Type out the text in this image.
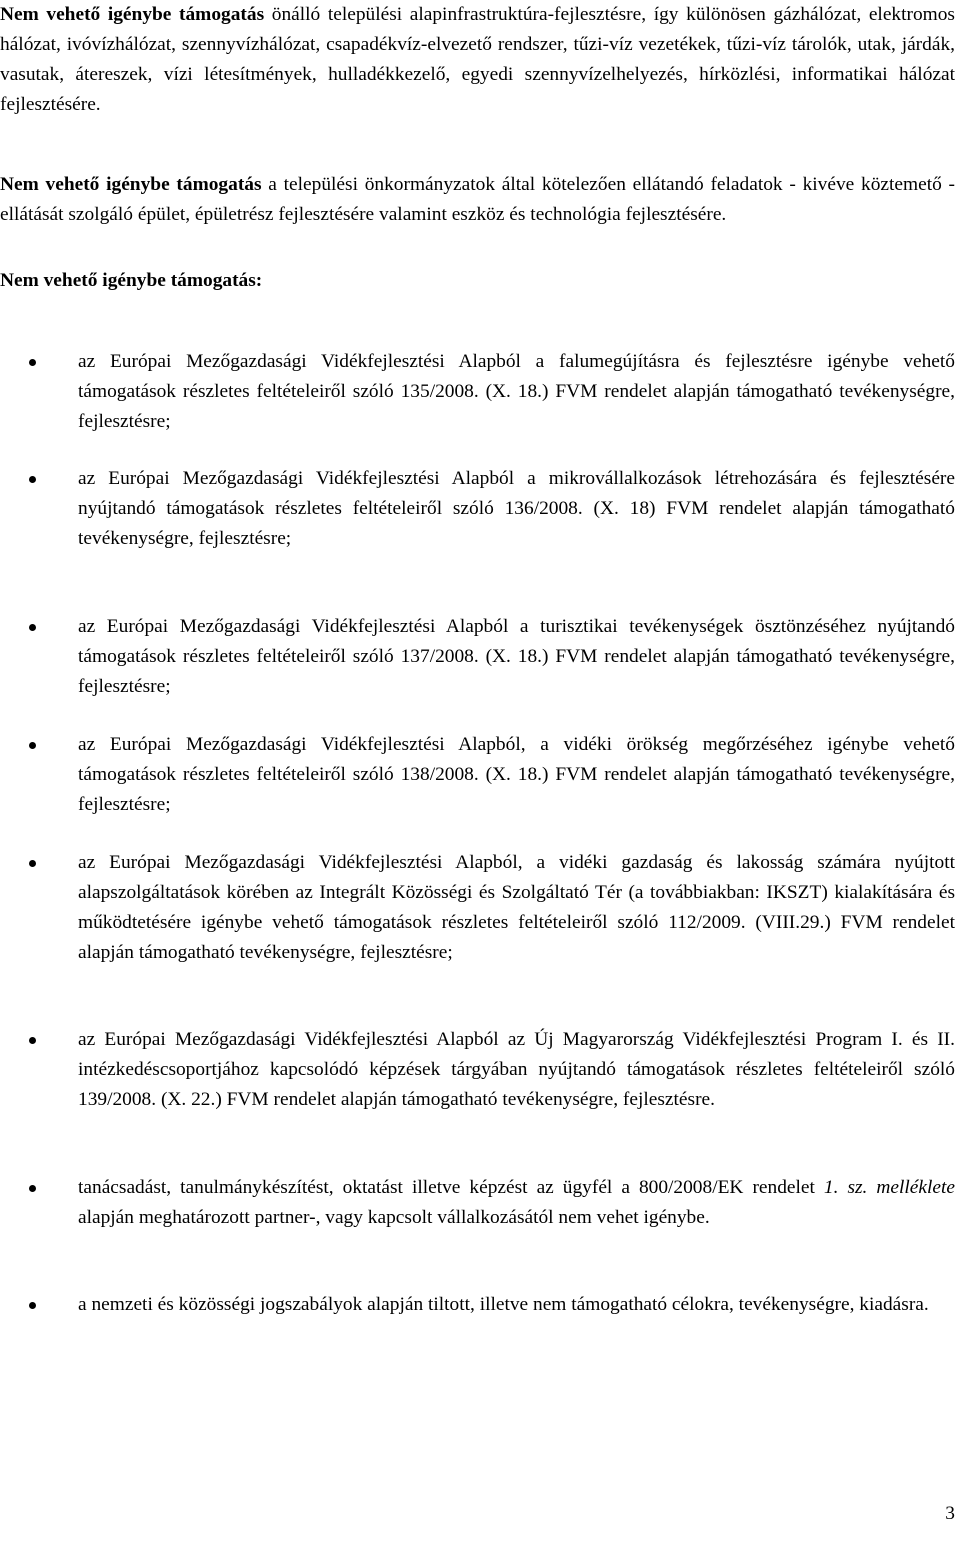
Nem vehető igénybe támogatás önálló települési alapinfrastruktúra-fejlesztésre, így különösen gázhálózat, elektromos hálózat, ivóvízhálózat, szennyvízhálózat, csapadékvíz-elvezető rendszer, tűzi-víz vezetékek, tűzi-víz tárolók, utak, járdák, vasutak, átereszek, vízi létesítmények, hulladékkezelő, egyedi szennyvízelhelyezés, hírközlési, informatikai hálózat fejlesztésére.

Nem vehető igénybe támogatás a települési önkormányzatok által kötelezően ellátandó feladatok - kivéve köztemető - ellátását szolgáló épület, épületrész fejlesztésére valamint eszköz és technológia fejlesztésére.

Nem vehető igénybe támogatás:

az Európai Mezőgazdasági Vidékfejlesztési Alapból a falumegújításra és fejlesztésre igénybe vehető támogatások részletes feltételeiről szóló 135/2008. (X. 18.) FVM rendelet alapján támogatható tevékenységre, fejlesztésre;

az Európai Mezőgazdasági Vidékfejlesztési Alapból a mikrovállalkozások létrehozására és fejlesztésére nyújtandó támogatások részletes feltételeiről szóló 136/2008. (X. 18) FVM rendelet alapján támogatható tevékenységre, fejlesztésre;

az Európai Mezőgazdasági Vidékfejlesztési Alapból a turisztikai tevékenységek ösztönzéséhez nyújtandó támogatások részletes feltételeiről szóló 137/2008. (X. 18.) FVM rendelet alapján támogatható tevékenységre, fejlesztésre;

az Európai Mezőgazdasági Vidékfejlesztési Alapból, a vidéki örökség megőrzéséhez igénybe vehető támogatások részletes feltételeiről szóló 138/2008. (X. 18.) FVM rendelet alapján támogatható tevékenységre, fejlesztésre;

az Európai Mezőgazdasági Vidékfejlesztési Alapból, a vidéki gazdaság és lakosság számára nyújtott alapszolgáltatások körében az Integrált Közösségi és Szolgáltató Tér (a továbbiakban: IKSZT) kialakítására és működtetésére igénybe vehető támogatások részletes feltételeiről szóló 112/2009. (VIII.29.) FVM rendelet alapján támogatható tevékenységre, fejlesztésre;

az Európai Mezőgazdasági Vidékfejlesztési Alapból az Új Magyarország Vidékfejlesztési Program I. és II. intézkedéscsoportjához kapcsolódó képzések tárgyában nyújtandó támogatások részletes feltételeiről szóló 139/2008. (X. 22.) FVM rendelet alapján támogatható tevékenységre, fejlesztésre.

tanácsadást, tanulmánykészítést, oktatást illetve képzést az ügyfél a 800/2008/EK rendelet 1. sz. melléklete alapján meghatározott partner-, vagy kapcsolt vállalkozásától nem vehet igénybe.

a nemzeti és közösségi jogszabályok alapján tiltott, illetve nem támogatható célokra, tevékenységre, kiadásra.

3
